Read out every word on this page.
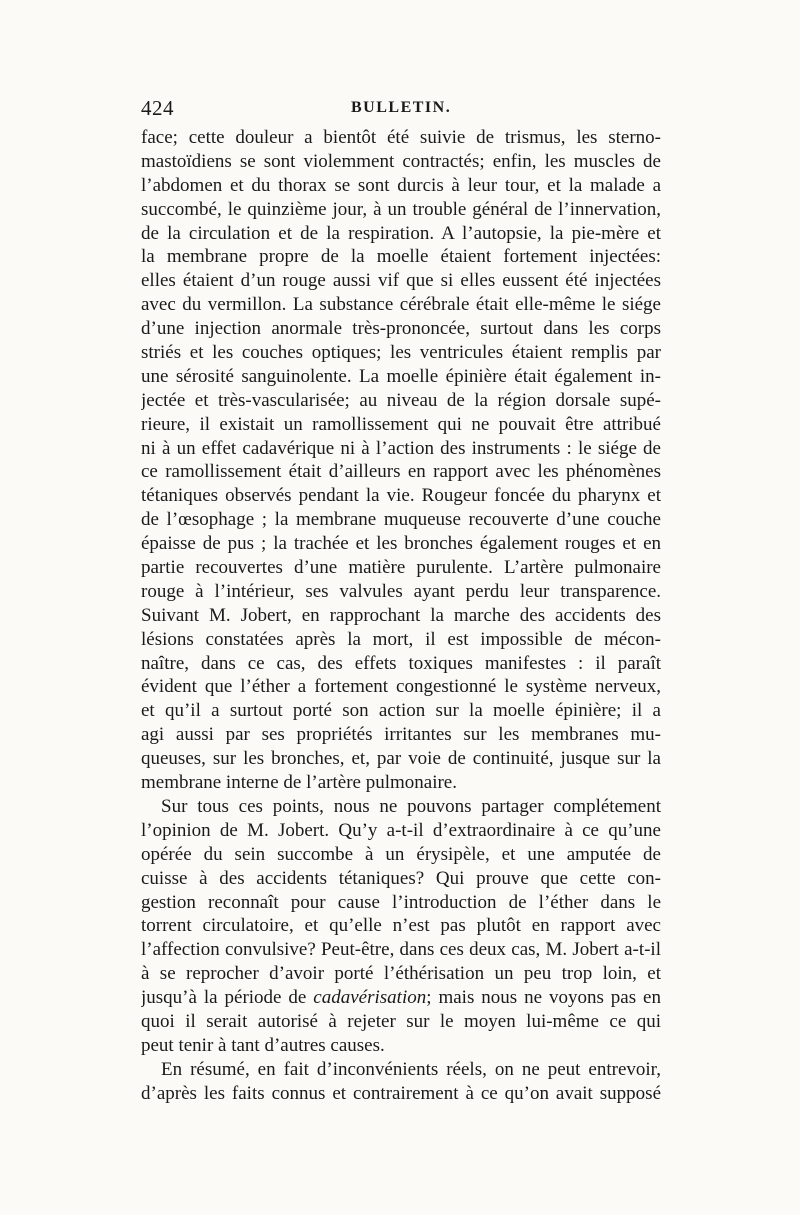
424	BULLETIN.
face; cette douleur a bientôt été suivie de trismus, les sterno-
mastoïdiens se sont violemment contractés; enfin, les muscles de
l’abdomen et du thorax se sont durcis à leur tour, et la malade a
succombé, le quinzième jour, à un trouble général de l’innervation,
de la circulation et de la respiration. A l’autopsie, la pie-mère et
la membrane propre de la moelle étaient fortement injectées:
elles étaient d’un rouge aussi vif que si elles eussent été injectées
avec du vermillon. La substance cérébrale était elle-même le siége
d’une injection anormale très-prononcée, surtout dans les corps
striés et les couches optiques; les ventricules étaient remplis par
une sérosité sanguinolente. La moelle épinière était également in-
jectée et très-vascularisée; au niveau de la région dorsale supé-
rieure, il existait un ramollissement qui ne pouvait être attribué
ni à un effet cadavérique ni à l’action des instruments : le siége de
ce ramollissement était d’ailleurs en rapport avec les phénomènes
tétaniques observés pendant la vie. Rougeur foncée du pharynx et
de l’œsophage ; la membrane muqueuse recouverte d’une couche
épaisse de pus ; la trachée et les bronches également rouges et en
partie recouvertes d’une matière purulente. L’artère pulmonaire
rouge à l’intérieur, ses valvules ayant perdu leur transparence.
Suivant M. Jobert, en rapprochant la marche des accidents des
lésions constatées après la mort, il est impossible de mécon-
naître, dans ce cas, des effets toxiques manifestes : il paraît
évident que l’éther a fortement congestionné le système nerveux,
et qu’il a surtout porté son action sur la moelle épinière; il a
agi aussi par ses propriétés irritantes sur les membranes mu-
queuses, sur les bronches, et, par voie de continuité, jusque sur la
membrane interne de l’artère pulmonaire.
Sur tous ces points, nous ne pouvons partager complétement
l’opinion de M. Jobert. Qu’y a-t-il d’extraordinaire à ce qu’une
opérée du sein succombe à un érysipèle, et une amputée de
cuisse à des accidents tétaniques? Qui prouve que cette con-
gestion reconnaît pour cause l’introduction de l’éther dans le
torrent circulatoire, et qu’elle n’est pas plutôt en rapport avec
l’affection convulsive? Peut-être, dans ces deux cas, M. Jobert a-t-il
à se reprocher d’avoir porté l’éthérisation un peu trop loin, et
jusqu’à la période de cadavérisation; mais nous ne voyons pas en
quoi il serait autorisé à rejeter sur le moyen lui-même ce qui
peut tenir à tant d’autres causes.
En résumé, en fait d’inconvénients réels, on ne peut entrevoir,
d’après les faits connus et contrairement à ce qu’on avait supposé
